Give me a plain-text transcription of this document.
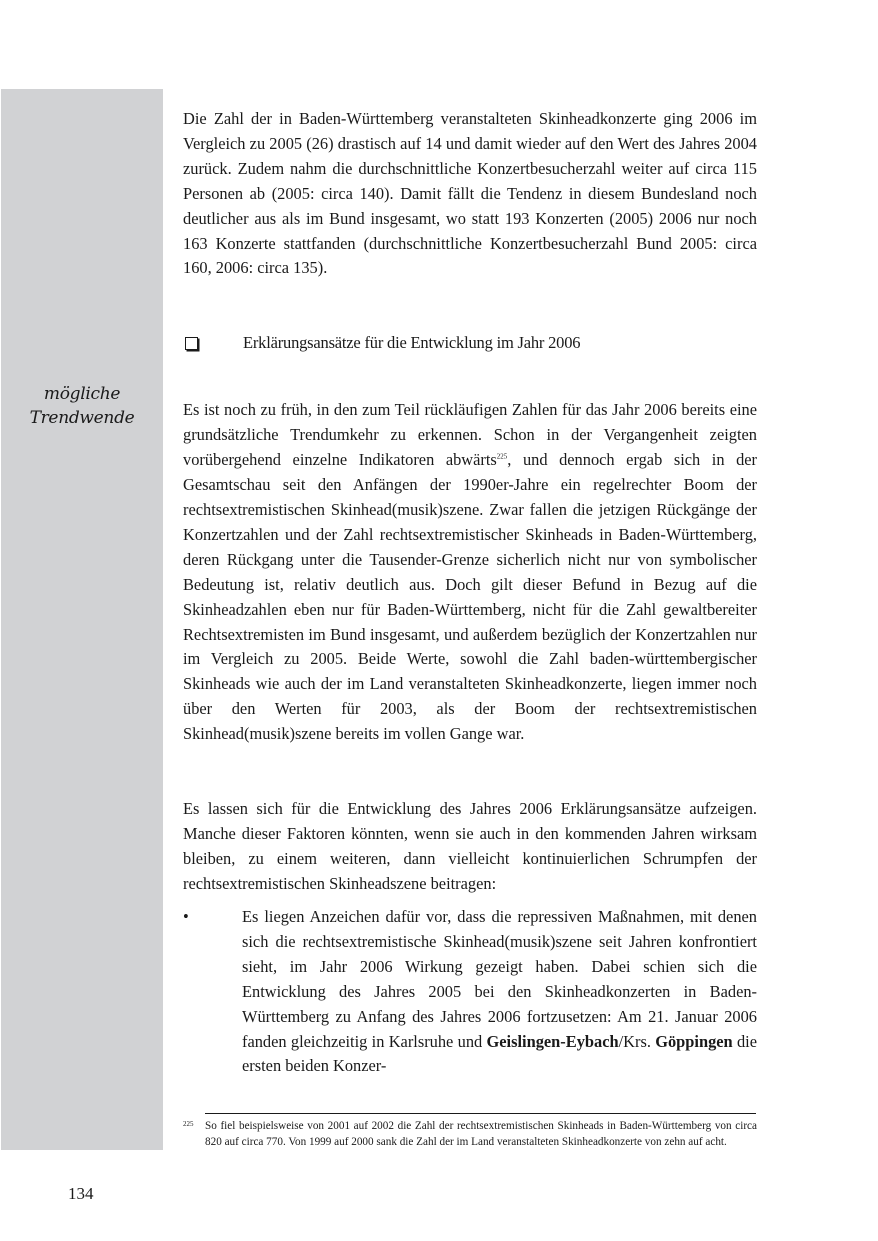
mögliche
Trendwende

Die Zahl der in Baden-Württemberg veranstalteten Skinheadkonzerte ging 2006 im Vergleich zu 2005 (26) drastisch auf 14 und damit wieder auf den Wert des Jahres 2004 zurück. Zudem nahm die durchschnittliche Konzertbesucherzahl weiter auf circa 115 Personen ab (2005: circa 140). Damit fällt die Tendenz in diesem Bundesland noch deutlicher aus als im Bund insgesamt, wo statt 193 Konzerten (2005) 2006 nur noch 163 Konzerte stattfanden (durchschnittliche Konzertbesucherzahl Bund 2005: circa 160, 2006: circa 135).

Erklärungsansätze für die Entwicklung im Jahr 2006

Es ist noch zu früh, in den zum Teil rückläufigen Zahlen für das Jahr 2006 bereits eine grundsätzliche Trendumkehr zu erkennen. Schon in der Vergangenheit zeigten vorübergehend einzelne Indikatoren abwärts$^{225}$, und dennoch ergab sich in der Gesamtschau seit den Anfängen der 1990er-Jahre ein regelrechter Boom der rechtsextremistischen Skinhead(musik)szene. Zwar fallen die jetzigen Rückgänge der Konzertzahlen und der Zahl rechtsextremistischer Skinheads in Baden-Württemberg, deren Rückgang unter die Tausender-Grenze sicherlich nicht nur von symbolischer Bedeutung ist, relativ deutlich aus. Doch gilt dieser Befund in Bezug auf die Skinheadzahlen eben nur für Baden-Württemberg, nicht für die Zahl gewaltbereiter Rechtsextremisten im Bund insgesamt, und außerdem bezüglich der Konzertzahlen nur im Vergleich zu 2005. Beide Werte, sowohl die Zahl baden-württembergischer Skinheads wie auch der im Land veranstalteten Skinheadkonzerte, liegen immer noch über den Werten für 2003, als der Boom der rechtsextremistischen Skinhead(musik)szene bereits im vollen Gange war.

Es lassen sich für die Entwicklung des Jahres 2006 Erklärungsansätze aufzeigen. Manche dieser Faktoren könnten, wenn sie auch in den kommenden Jahren wirksam bleiben, zu einem weiteren, dann vielleicht kontinuierlichen Schrumpfen der rechtsextremistischen Skinheadszene beitragen:

•	Es liegen Anzeichen dafür vor, dass die repressiven Maßnahmen, mit denen sich die rechtsextremistische Skinhead(musik)szene seit Jahren konfrontiert sieht, im Jahr 2006 Wirkung gezeigt haben. Dabei schien sich die Entwicklung des Jahres 2005 bei den Skinheadkonzerten in Baden-Württemberg zu Anfang des Jahres 2006 fortzusetzen: Am 21. Januar 2006 fanden gleichzeitig in Karlsruhe und Geislingen-Eybach/Krs. Göppingen die ersten beiden Konzer-
225 So fiel beispielsweise von 2001 auf 2002 die Zahl der rechtsextremistischen Skinheads in Baden-Württemberg von circa 820 auf circa 770. Von 1999 auf 2000 sank die Zahl der im Land veranstalteten Skinheadkonzerte von zehn auf acht.
134
